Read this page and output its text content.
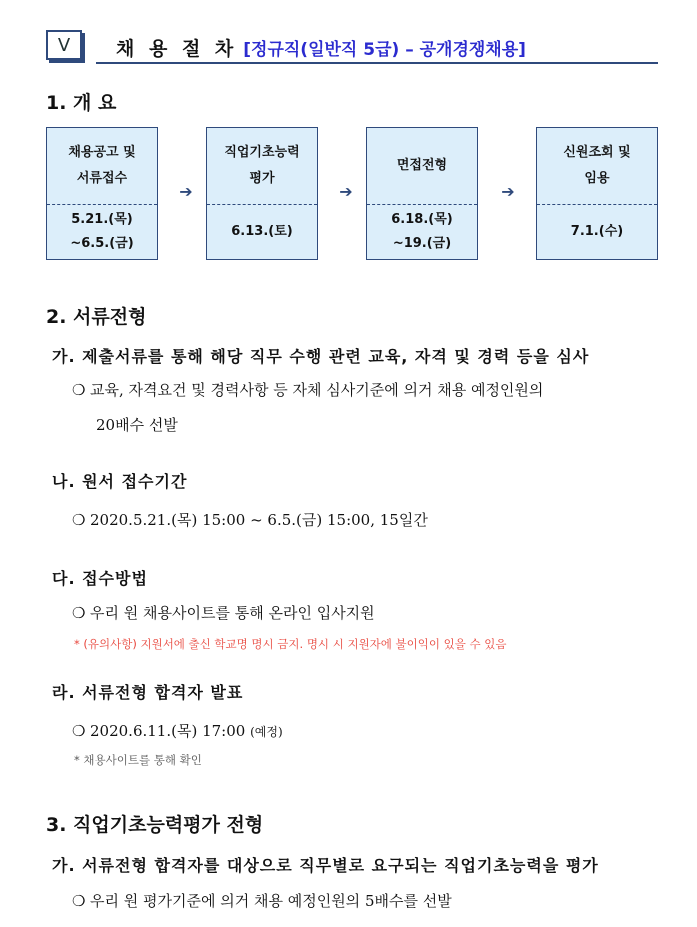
V	채 용 절 차 [정규직(일반직 5급) – 공개경쟁채용]
1. 개 요
채용공고 및
서류접수
5.21.(목)
~6.5.(금)
➔
직업기초능력
평가
6.13.(토)
➔
면접전형
6.18.(목)
~19.(금)
➔
신원조회 및
임용
7.1.(수)
2. 서류전형
가. 제출서류를 통해 해당 직무 수행 관련 교육, 자격 및 경력 등을 심사
❍ 교육, 자격요건 및 경력사항 등 자체 심사기준에 의거 채용 예정인원의
20배수 선발
나. 원서 접수기간
❍ 2020.5.21.(목) 15:00 ~ 6.5.(금) 15:00, 15일간
다. 접수방법
❍ 우리 원 채용사이트를 통해 온라인 입사지원
* (유의사항) 지원서에 출신 학교명 명시 금지. 명시 시 지원자에 불이익이 있을 수 있음
라. 서류전형 합격자 발표
❍ 2020.6.11.(목) 17:00 (예정)
* 채용사이트를 통해 확인
3. 직업기초능력평가 전형
가. 서류전형 합격자를 대상으로 직무별로 요구되는 직업기초능력을 평가
❍ 우리 원 평가기준에 의거 채용 예정인원의 5배수를 선발
